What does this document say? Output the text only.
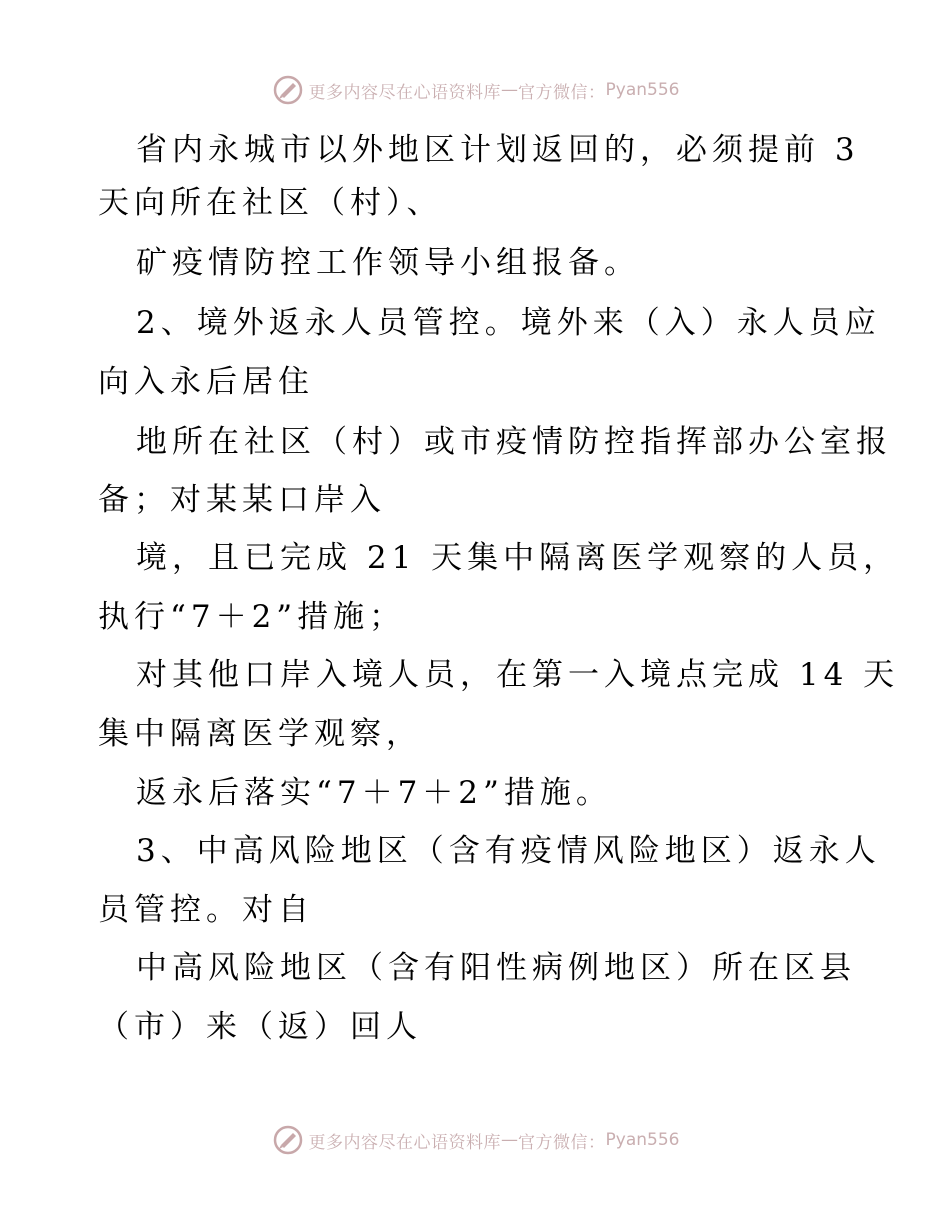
更多内容尽在心语资料库 — 官方微信： Pyan556
省内永城市以外地区计划返回的，必须提前 3
天向所在社区（村）、
矿疫情防控工作领导小组报备。
2、境外返永人员管控。境外来（入）永人员应
向入永后居住
地所在社区（村）或市疫情防控指挥部办公室报
备；对某某口岸入
境，且已完成 21 天集中隔离医学观察的人员，
执行“7＋2”措施；
对其他口岸入境人员，在第一入境点完成 14 天
集中隔离医学观察，
返永后落实“7＋7＋2”措施。
3、中高风险地区（含有疫情风险地区）返永人
员管控。对自
中高风险地区（含有阳性病例地区）所在区县
（市）来（返）回人
更多内容尽在心语资料库 — 官方微信： Pyan556
